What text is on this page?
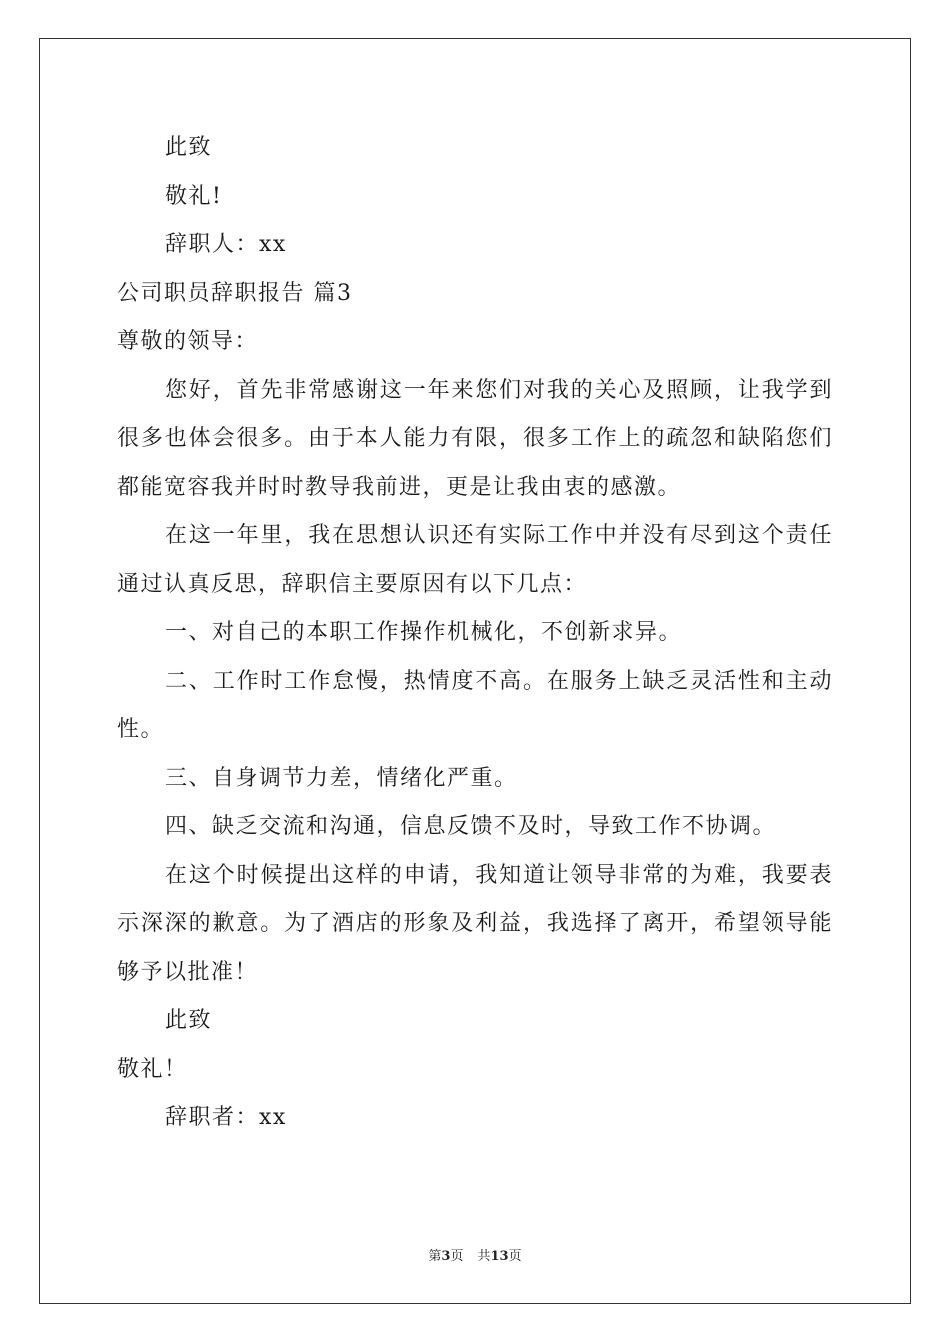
此致
敬礼!
辞职人：xx
公司职员辞职报告 篇3
尊敬的领导：
您好，首先非常感谢这一年来您们对我的关心及照顾，让我学到
很多也体会很多。由于本人能力有限，很多工作上的疏忽和缺陷您们
都能宽容我并时时教导我前进，更是让我由衷的感激。
在这一年里，我在思想认识还有实际工作中并没有尽到这个责任
通过认真反思，辞职信主要原因有以下几点：
一、对自己的本职工作操作机械化，不创新求异。
二、工作时工作怠慢，热情度不高。在服务上缺乏灵活性和主动
性。
三、自身调节力差，情绪化严重。
四、缺乏交流和沟通，信息反馈不及时，导致工作不协调。
在这个时候提出这样的申请，我知道让领导非常的为难，我要表
示深深的歉意。为了酒店的形象及利益，我选择了离开，希望领导能
够予以批准！
此致
敬礼！
辞职者：xx
第3页 共13页
